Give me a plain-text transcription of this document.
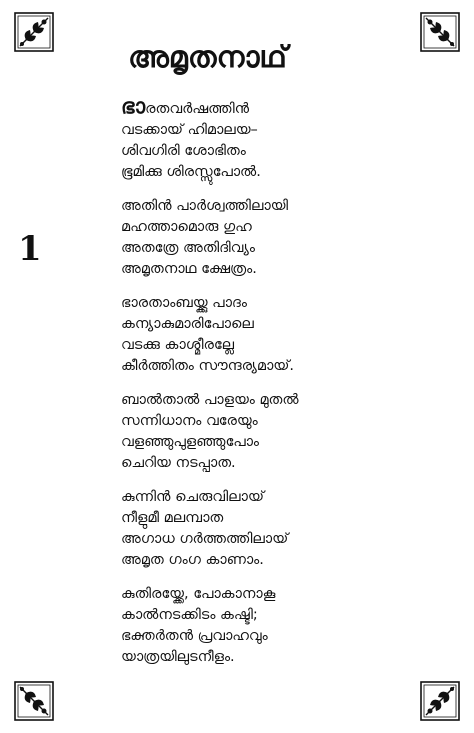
1
അമൃതനാഥ്
ഭാരതവർഷത്തിൻ
വടക്കായ് ഹിമാലയ–
ശിവഗിരി ശോഭിതം
ഭൂമിക്കു ശിരസ്സുപോൽ.
അതിൻ പാർശ്വത്തിലായി
മഹത്താമൊരു ഗുഹ
അതത്രേ അതിദിവ്യം
അമൃതനാഥ ക്ഷേത്രം.
ഭാരതാംബയ്ക്കു പാദം
കന്യാകുമാരിപോലെ
വടക്കു കാശ്മീരല്ലേ
കീർത്തിതം സൗന്ദര്യമായ്.
ബാൽതാൽ പാളയം മുതൽ
സന്നിധാനം വരേയും
വളഞ്ഞുപുളഞ്ഞുപോം
ചെറിയ നടപ്പാത.
കുന്നിൻ ചെരുവിലായ്
നീളുമീ മലമ്പാത
അഗാധ ഗർത്തത്തിലായ്
അമൃത ഗംഗ കാണാം.
കുതിരയ്ക്കേ, പോകാനാകൂ
കാൽനടക്കിടം കഷ്ടി;
ഭക്തർതൻ പ്രവാഹവും
യാത്രയിലുടനീളം.
